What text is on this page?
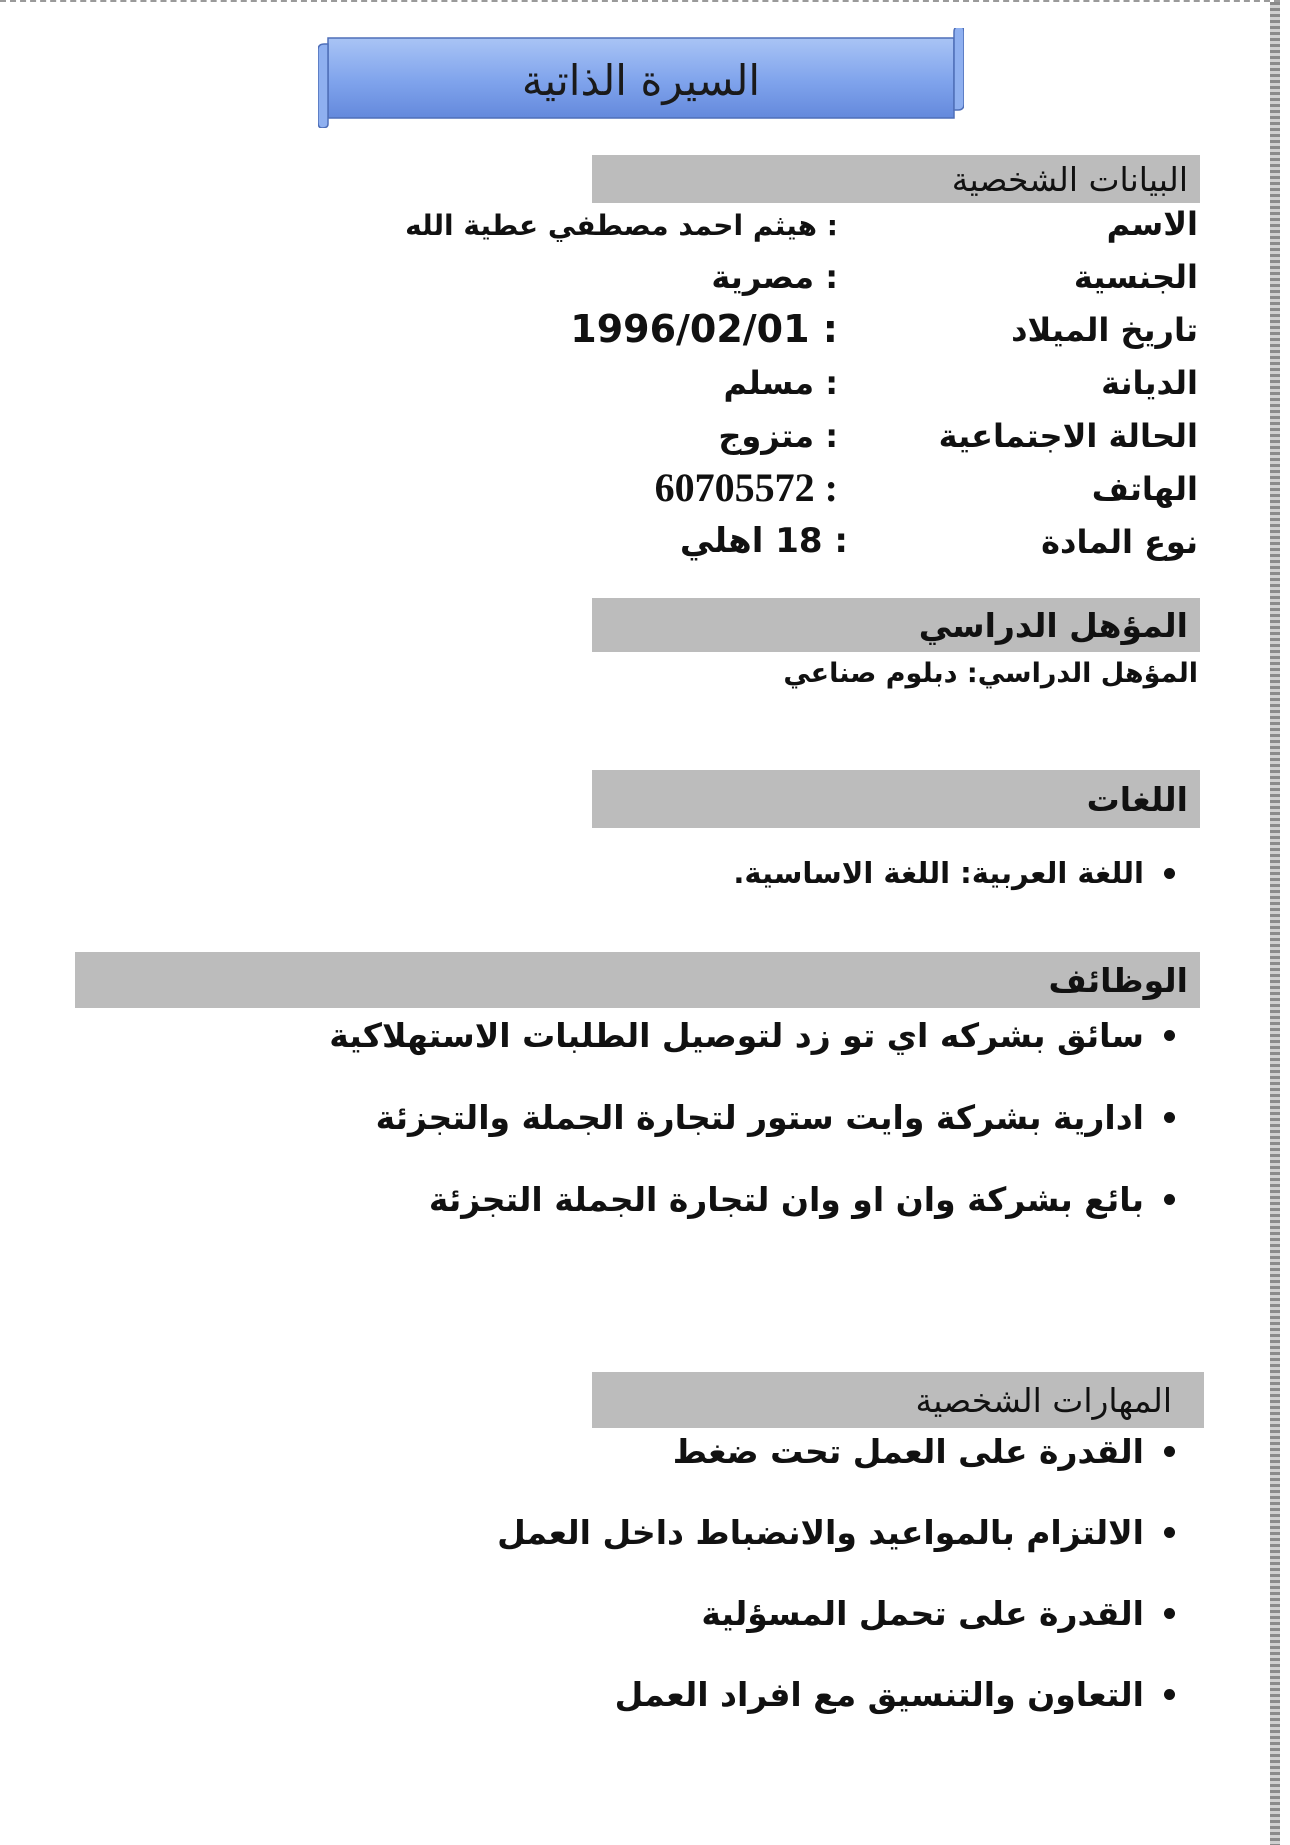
السيرة الذاتية
البيانات الشخصية
الاسم
: هيثم احمد مصطفي عطية الله
الجنسية
: مصرية
تاريخ الميلاد
: 1996/02/01
الديانة
: مسلم
الحالة الاجتماعية
: متزوج
الهاتف
: 60705572
نوع المادة
: 18 اهلي
المؤهل الدراسي
المؤهل الدراسي: دبلوم صناعي
اللغات
اللغة العربية: اللغة الاساسية.
الوظائف
سائق بشركه اي تو زد لتوصيل الطلبات الاستهلاكية
ادارية بشركة وايت ستور لتجارة الجملة والتجزئة
بائع بشركة وان او وان لتجارة الجملة التجزئة
المهارات الشخصية
القدرة على العمل تحت ضغط
الالتزام بالمواعيد والانضباط داخل العمل
القدرة على تحمل المسؤلية
التعاون والتنسيق مع افراد العمل
